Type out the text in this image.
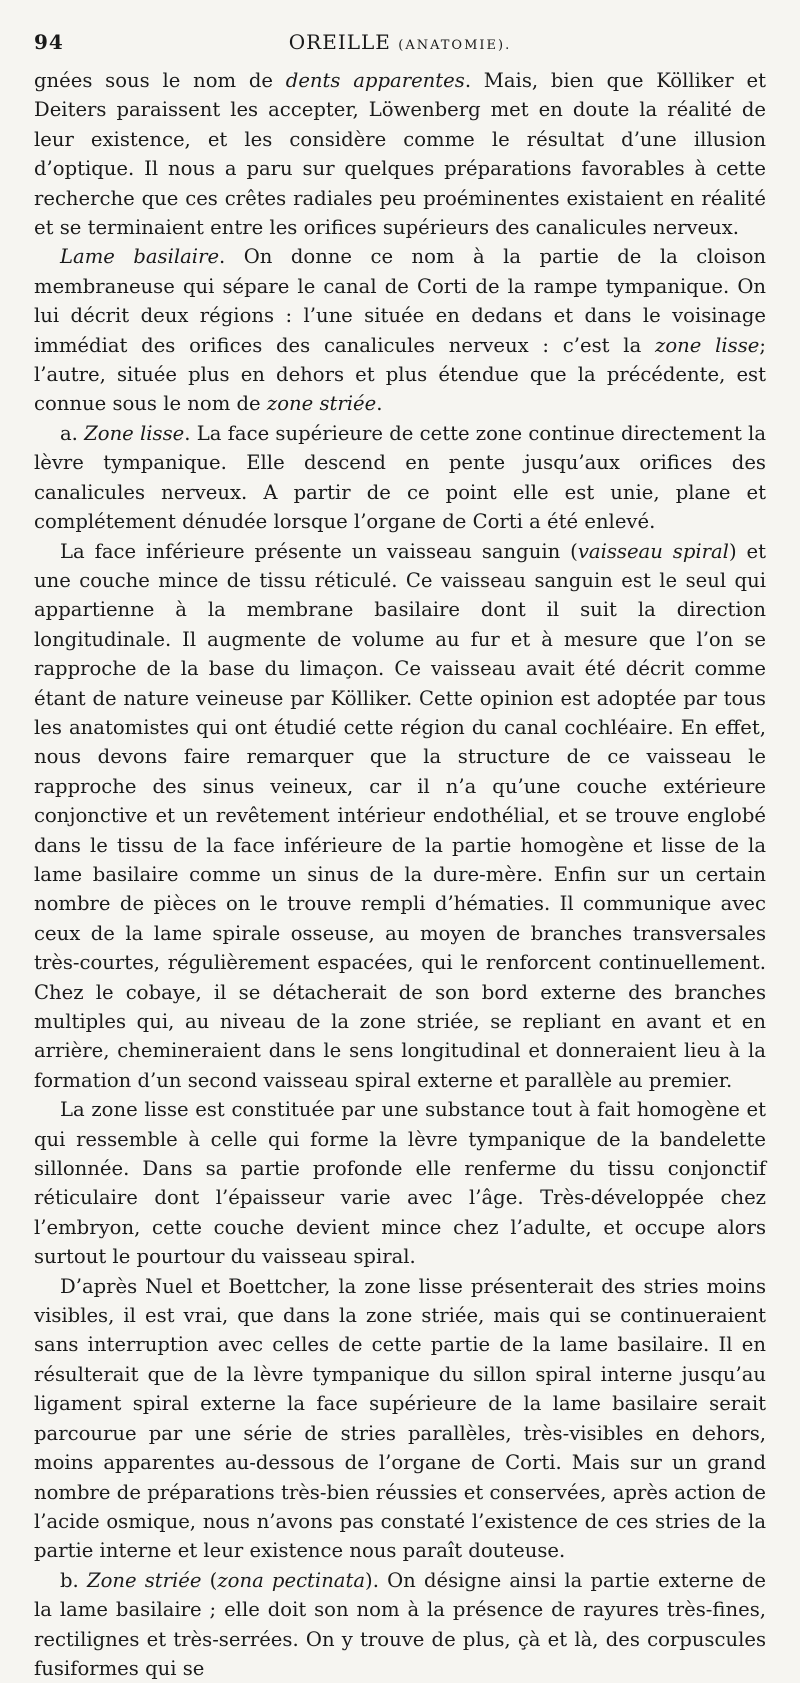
94	OREILLE (ANATOMIE).

gnées sous le nom de dents apparentes. Mais, bien que Kölliker et Deiters paraissent les accepter, Löwenberg met en doute la réalité de leur existence, et les considère comme le résultat d’une illusion d’optique. Il nous a paru sur quelques préparations favorables à cette recherche que ces crêtes radiales peu proéminentes existaient en réalité et se terminaient entre les orifices supérieurs des canalicules nerveux.

Lame basilaire. On donne ce nom à la partie de la cloison membraneuse qui sépare le canal de Corti de la rampe tympanique. On lui décrit deux régions : l’une située en dedans et dans le voisinage immédiat des orifices des canalicules nerveux : c’est la zone lisse; l’autre, située plus en dehors et plus étendue que la précédente, est connue sous le nom de zone striée.

a. Zone lisse. La face supérieure de cette zone continue directement la lèvre tympanique. Elle descend en pente jusqu’aux orifices des canalicules nerveux. A partir de ce point elle est unie, plane et complétement dénudée lorsque l’organe de Corti a été enlevé.

La face inférieure présente un vaisseau sanguin (vaisseau spiral) et une couche mince de tissu réticulé. Ce vaisseau sanguin est le seul qui appartienne à la membrane basilaire dont il suit la direction longitudinale. Il augmente de volume au fur et à mesure que l’on se rapproche de la base du limaçon. Ce vaisseau avait été décrit comme étant de nature veineuse par Kölliker. Cette opinion est adoptée par tous les anatomistes qui ont étudié cette région du canal cochléaire. En effet, nous devons faire remarquer que la structure de ce vaisseau le rapproche des sinus veineux, car il n’a qu’une couche extérieure conjonctive et un revêtement intérieur endothélial, et se trouve englobé dans le tissu de la face inférieure de la partie homogène et lisse de la lame basilaire comme un sinus de la dure-mère. Enfin sur un certain nombre de pièces on le trouve rempli d’hématies. Il communique avec ceux de la lame spirale osseuse, au moyen de branches transversales très-courtes, régulièrement espacées, qui le renforcent continuellement. Chez le cobaye, il se détacherait de son bord externe des branches multiples qui, au niveau de la zone striée, se repliant en avant et en arrière, chemineraient dans le sens longitudinal et donneraient lieu à la formation d’un second vaisseau spiral externe et parallèle au premier.

La zone lisse est constituée par une substance tout à fait homogène et qui ressemble à celle qui forme la lèvre tympanique de la bandelette sillonnée. Dans sa partie profonde elle renferme du tissu conjonctif réticulaire dont l’épaisseur varie avec l’âge. Très-développée chez l’embryon, cette couche devient mince chez l’adulte, et occupe alors surtout le pourtour du vaisseau spiral.

D’après Nuel et Boettcher, la zone lisse présenterait des stries moins visibles, il est vrai, que dans la zone striée, mais qui se continueraient sans interruption avec celles de cette partie de la lame basilaire. Il en résulterait que de la lèvre tympanique du sillon spiral interne jusqu’au ligament spiral externe la face supérieure de la lame basilaire serait parcourue par une série de stries parallèles, très-visibles en dehors, moins apparentes au-dessous de l’organe de Corti. Mais sur un grand nombre de préparations très-bien réussies et conservées, après action de l’acide osmique, nous n’avons pas constaté l’existence de ces stries de la partie interne et leur existence nous paraît douteuse.

b. Zone striée (zona pectinata). On désigne ainsi la partie externe de la lame basilaire ; elle doit son nom à la présence de rayures très-fines, rectilignes et très-serrées. On y trouve de plus, çà et là, des corpuscules fusiformes qui se
